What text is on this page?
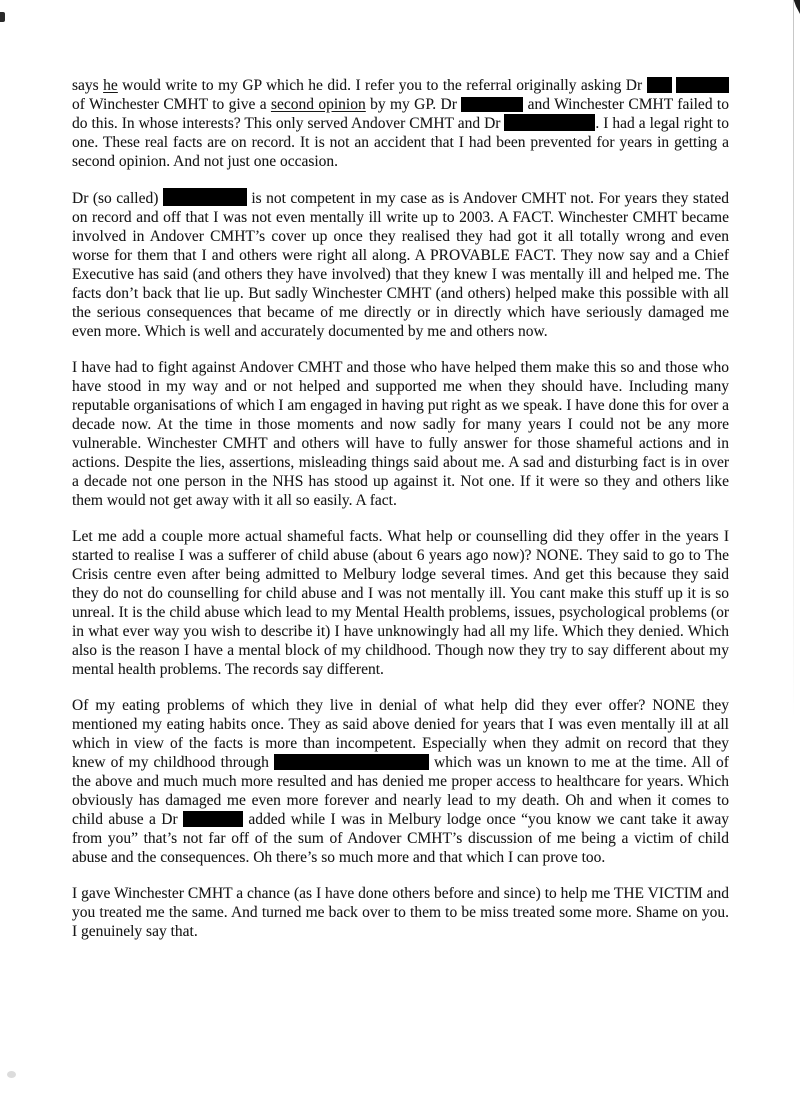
says he would write to my GP which he did. I refer you to the referral originally asking Dr  of Winchester CMHT to give a second opinion by my GP. Dr	and Winchester CMHT failed to do this. In whose interests? This only served Andover CMHT and Dr	. I had a legal right to one. These real facts are on record. It is not an accident that I had been prevented for years in getting a second opinion. And not just one occasion.

Dr (so called)	is not competent in my case as is Andover CMHT not. For years they stated on record and off that I was not even mentally ill write up to 2003. A FACT. Winchester CMHT became involved in Andover CMHT’s cover up once they realised they had got it all totally wrong and even worse for them that I and others were right all along. A PROVABLE FACT. They now say and a Chief Executive has said (and others they have involved) that they knew I was mentally ill and helped me. The facts don’t back that lie up. But sadly Winchester CMHT (and others) helped make this possible with all the serious consequences that became of me directly or in directly which have seriously damaged me even more. Which is well and accurately documented by me and others now.

I have had to fight against Andover CMHT and those who have helped them make this so and those who have stood in my way and or not helped and supported me when they should have. Including many reputable organisations of which I am engaged in having put right as we speak. I have done this for over a decade now. At the time in those moments and now sadly for many years I could not be any more vulnerable. Winchester CMHT and others will have to fully answer for those shameful actions and in actions. Despite the lies, assertions, misleading things said about me. A sad and disturbing fact is in over a decade not one person in the NHS has stood up against it. Not one. If it were so they and others like them would not get away with it all so easily. A fact.

Let me add a couple more actual shameful facts. What help or counselling did they offer in the years I started to realise I was a sufferer of child abuse (about 6 years ago now)? NONE. They said to go to The Crisis centre even after being admitted to Melbury lodge several times. And get this because they said they do not do counselling for child abuse and I was not mentally ill. You cant make this stuff up it is so unreal. It is the child abuse which lead to my Mental Health problems, issues, psychological problems (or in what ever way you wish to describe it) I have unknowingly had all my life. Which they denied. Which also is the reason I have a mental block of my childhood. Though now they try to say different about my mental health problems. The records say different.

Of my eating problems of which they live in denial of what help did they ever offer? NONE they mentioned my eating habits once. They as said above denied for years that I was even mentally ill at all which in view of the facts is more than incompetent. Especially when they admit on record that they knew of my childhood through	which was un known to me at the time. All of the above and much much more resulted and has denied me proper access to healthcare for years. Which obviously has damaged me even more forever and nearly lead to my death. Oh and when it comes to child abuse a Dr	added while I was in Melbury lodge once “you know we cant take it away from you” that’s not far off of the sum of Andover CMHT’s discussion of me being a victim of child abuse and the consequences. Oh there’s so much more and that which I can prove too.

I gave Winchester CMHT a chance (as I have done others before and since) to help me THE VICTIM and you treated me the same. And turned me back over to them to be miss treated some more. Shame on you. I genuinely say that.
